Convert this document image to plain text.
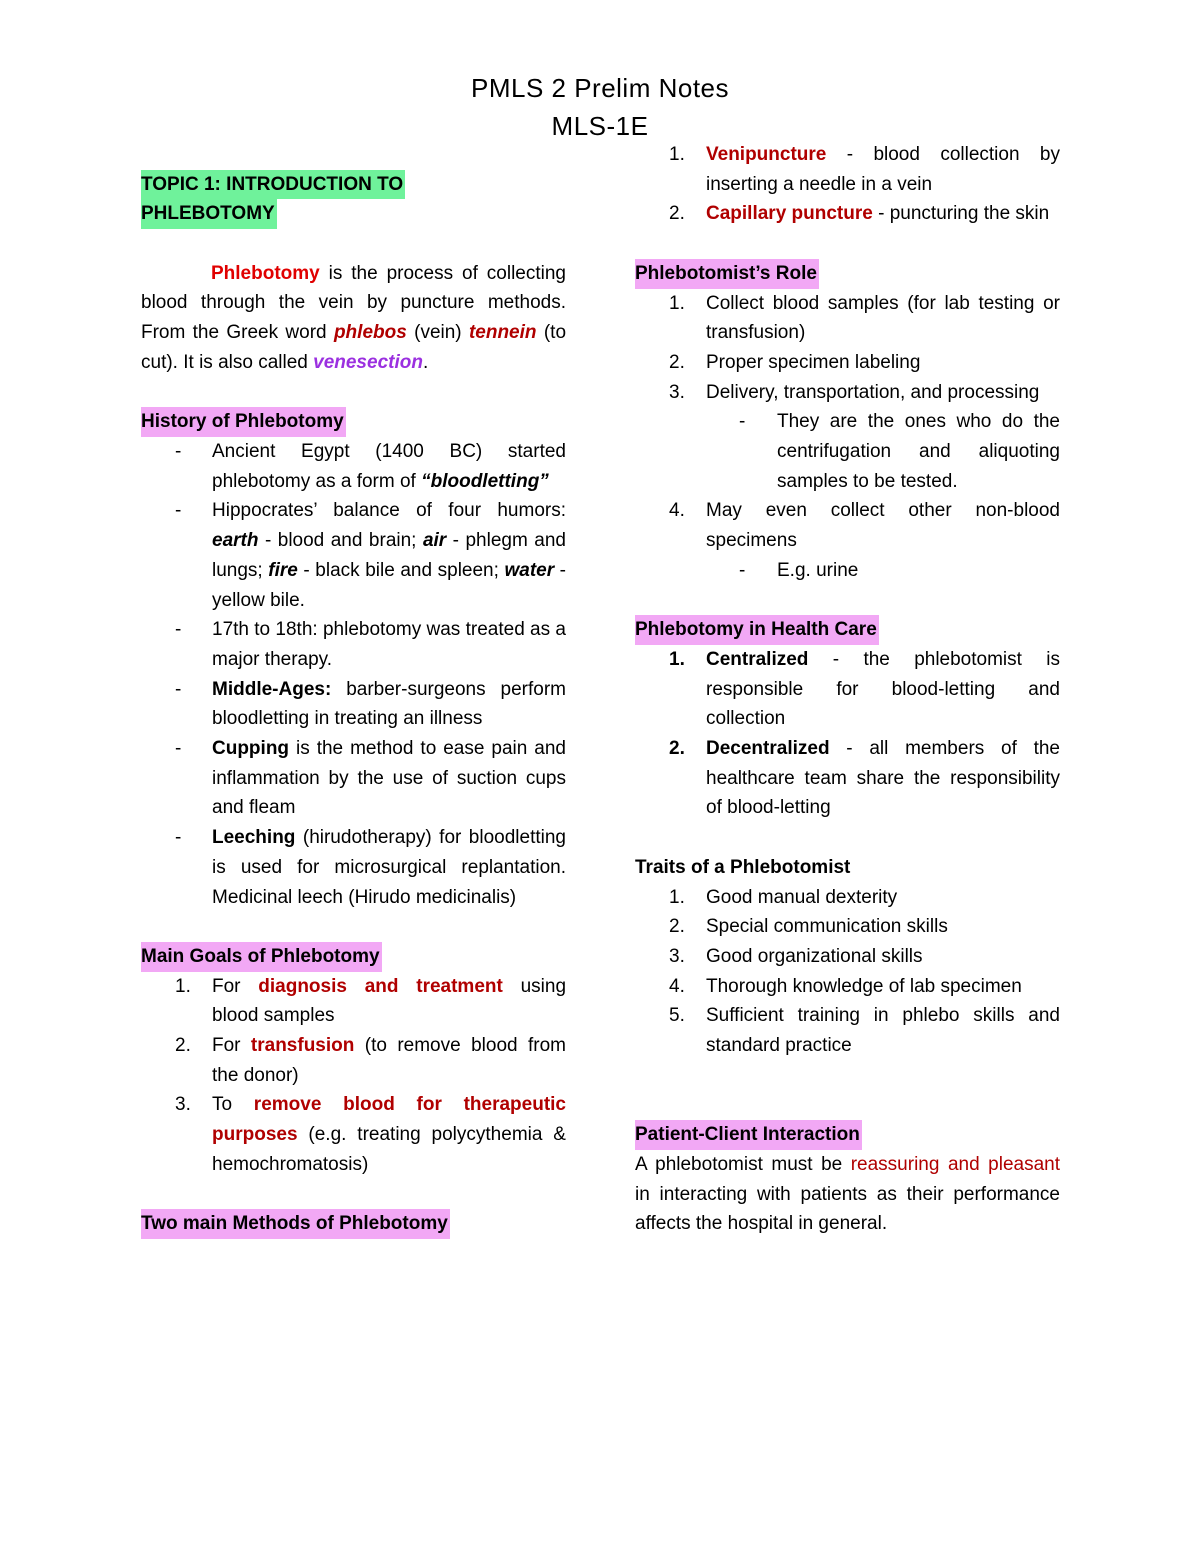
PMLS 2 Prelim Notes
MLS-1E
TOPIC 1: INTRODUCTION TO
PHLEBOTOMY
Phlebotomy is the process of collecting blood through the vein by puncture methods. From the Greek word phlebos (vein) tennein (to cut). It is also called venesection.
History of Phlebotomy
- Ancient Egypt (1400 BC) started phlebotomy as a form of “bloodletting”
- Hippocrates’ balance of four humors: earth - blood and brain; air - phlegm and lungs; fire - black bile and spleen; water - yellow bile.
- 17th to 18th: phlebotomy was treated as a major therapy.
- Middle-Ages: barber-surgeons perform bloodletting in treating an illness
- Cupping is the method to ease pain and inflammation by the use of suction cups and fleam
- Leeching (hirudotherapy) for bloodletting is used for microsurgical replantation. Medicinal leech (Hirudo medicinalis)
Main Goals of Phlebotomy
1. For diagnosis and treatment using blood samples
2. For transfusion (to remove blood from the donor)
3. To remove blood for therapeutic purposes (e.g. treating polycythemia & hemochromatosis)
Two main Methods of Phlebotomy
1. Venipuncture - blood collection by inserting a needle in a vein
2. Capillary puncture - puncturing the skin
Phlebotomist’s Role
1. Collect blood samples (for lab testing or transfusion)
2. Proper specimen labeling
3. Delivery, transportation, and processing
- They are the ones who do the centrifugation and aliquoting samples to be tested.
4. May even collect other non-blood specimens
- E.g. urine
Phlebotomy in Health Care
1. Centralized - the phlebotomist is responsible for blood-letting and collection
2. Decentralized - all members of the healthcare team share the responsibility of blood-letting
Traits of a Phlebotomist
1. Good manual dexterity
2. Special communication skills
3. Good organizational skills
4. Thorough knowledge of lab specimen
5. Sufficient training in phlebo skills and standard practice
Patient-Client Interaction
A phlebotomist must be reassuring and pleasant in interacting with patients as their performance affects the hospital in general.
